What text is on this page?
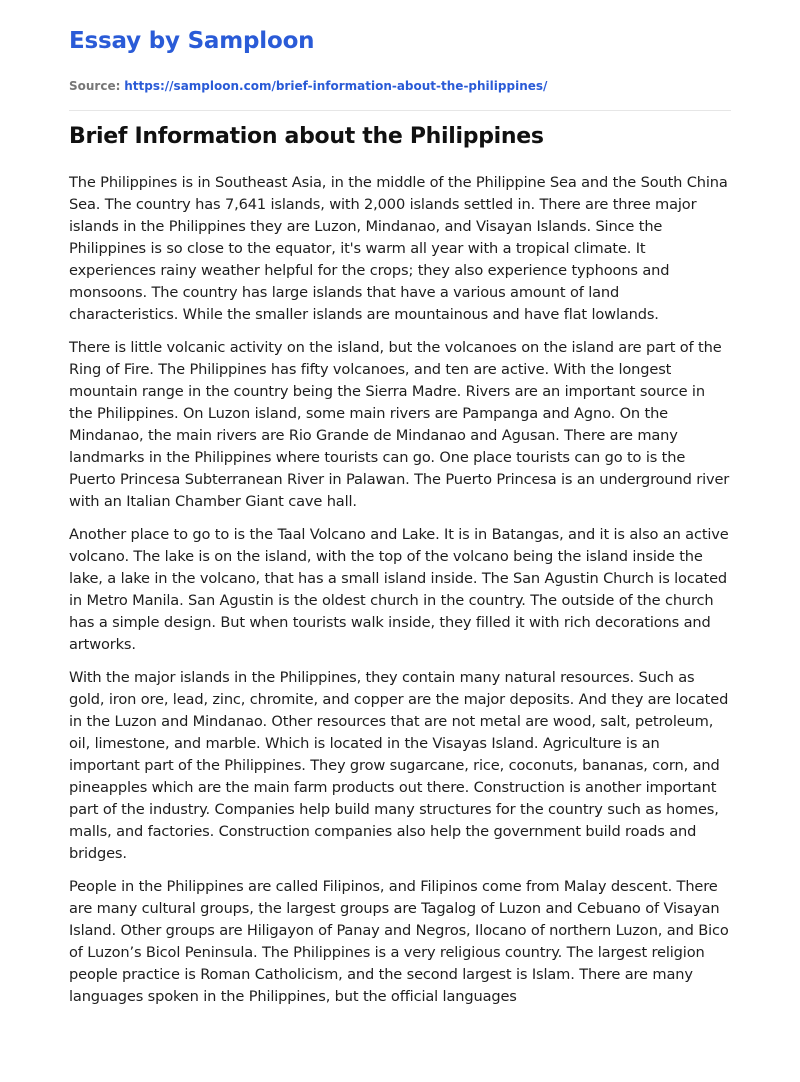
Essay by Samploon
Source: https://samploon.com/brief-information-about-the-philippines/
Brief Information about the Philippines

The Philippines is in Southeast Asia, in the middle of the Philippine Sea and the South China Sea. The country has 7,641 islands, with 2,000 islands settled in. There are three major islands in the Philippines they are Luzon, Mindanao, and Visayan Islands. Since the Philippines is so close to the equator, it's warm all year with a tropical climate. It experiences rainy weather helpful for the crops; they also experience typhoons and monsoons. The country has large islands that have a various amount of land characteristics. While the smaller islands are mountainous and have flat lowlands.

There is little volcanic activity on the island, but the volcanoes on the island are part of the Ring of Fire. The Philippines has fifty volcanoes, and ten are active. With the longest mountain range in the country being the Sierra Madre. Rivers are an important source in the Philippines. On Luzon island, some main rivers are Pampanga and Agno. On the Mindanao, the main rivers are Rio Grande de Mindanao and Agusan. There are many landmarks in the Philippines where tourists can go. One place tourists can go to is the Puerto Princesa Subterranean River in Palawan. The Puerto Princesa is an underground river with an Italian Chamber Giant cave hall.

Another place to go to is the Taal Volcano and Lake. It is in Batangas, and it is also an active volcano. The lake is on the island, with the top of the volcano being the island inside the lake, a lake in the volcano, that has a small island inside. The San Agustin Church is located in Metro Manila. San Agustin is the oldest church in the country. The outside of the church has a simple design. But when tourists walk inside, they filled it with rich decorations and artworks.

With the major islands in the Philippines, they contain many natural resources. Such as gold, iron ore, lead, zinc, chromite, and copper are the major deposits. And they are located in the Luzon and Mindanao. Other resources that are not metal are wood, salt, petroleum, oil, limestone, and marble. Which is located in the Visayas Island. Agriculture is an important part of the Philippines. They grow sugarcane, rice, coconuts, bananas, corn, and pineapples which are the main farm products out there. Construction is another important part of the industry. Companies help build many structures for the country such as homes, malls, and factories. Construction companies also help the government build roads and bridges.

People in the Philippines are called Filipinos, and Filipinos come from Malay descent. There are many cultural groups, the largest groups are Tagalog of Luzon and Cebuano of Visayan Island. Other groups are Hiligayon of Panay and Negros, Ilocano of northern Luzon, and Bico of Luzon’s Bicol Peninsula. The Philippines is a very religious country. The largest religion people practice is Roman Catholicism, and the second largest is Islam. There are many languages spoken in the Philippines, but the official languages
